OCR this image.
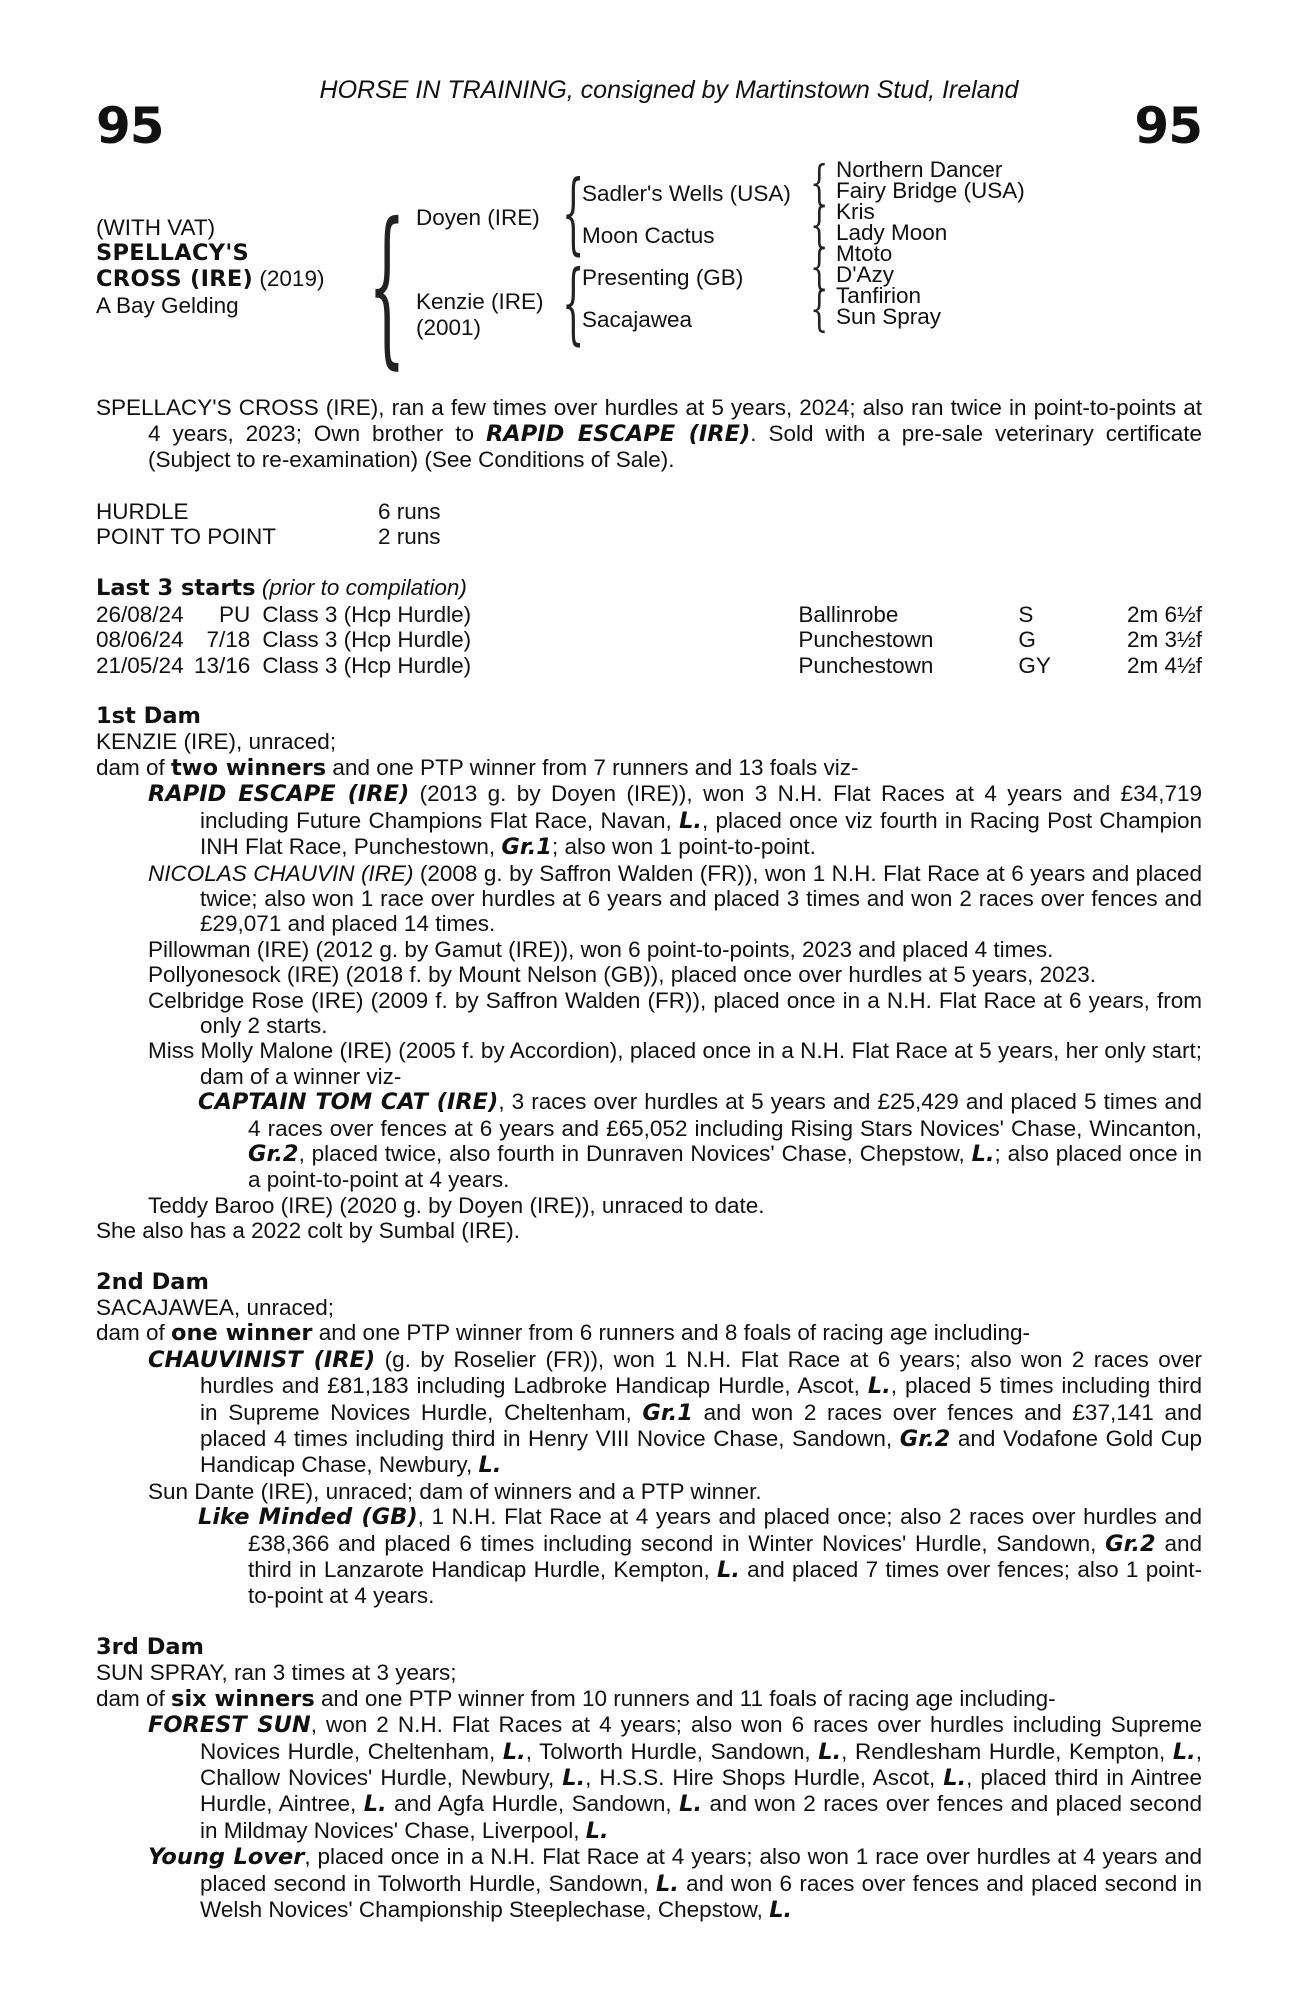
HORSE IN TRAINING, consigned by Martinstown Stud, Ireland
95	95
(WITH VAT)
SPELLACY'S
CROSS (IRE) (2019)
A Bay Gelding { Doyen (IRE)
Kenzie (IRE)
(2001)
{
{
Sadler's Wells (USA)
Moon Cactus
Presenting (GB)
Sacajawea
{
{
{
{
Northern Dancer
Fairy Bridge (USA)
Kris
Lady Moon
Mtoto
D'Azy
Tanfirion
Sun Spray

SPELLACY'S CROSS (IRE), ran a few times over hurdles at 5 years, 2024; also ran twice in point-to-points at 4 years, 2023; Own brother to RAPID ESCAPE (IRE). Sold with a pre-sale veterinary certificate (Subject to re-examination) (See Conditions of Sale).

HURDLE	6 runs
POINT TO POINT	2 runs
Last 3 starts (prior to compilation)
26/08/24	PU	Class 3 (Hcp Hurdle)	Ballinrobe	S	2m 6½f
08/06/24	7/18	Class 3 (Hcp Hurdle)	Punchestown	G	2m 3½f
21/05/24	13/16	Class 3 (Hcp Hurdle)	Punchestown	GY	2m 4½f
1st Dam

KENZIE (IRE), unraced;

dam of two winners and one PTP winner from 7 runners and 13 foals viz-

RAPID ESCAPE (IRE) (2013 g. by Doyen (IRE)), won 3 N.H. Flat Races at 4 years and £34,719 including Future Champions Flat Race, Navan, L., placed once viz fourth in Racing Post Champion INH Flat Race, Punchestown, Gr.1; also won 1 point-to-point.

NICOLAS CHAUVIN (IRE) (2008 g. by Saffron Walden (FR)), won 1 N.H. Flat Race at 6 years and placed twice; also won 1 race over hurdles at 6 years and placed 3 times and won 2 races over fences and £29,071 and placed 14 times.

Pillowman (IRE) (2012 g. by Gamut (IRE)), won 6 point-to-points, 2023 and placed 4 times.

Pollyonesock (IRE) (2018 f. by Mount Nelson (GB)), placed once over hurdles at 5 years, 2023.

Celbridge Rose (IRE) (2009 f. by Saffron Walden (FR)), placed once in a N.H. Flat Race at 6 years, from only 2 starts.

Miss Molly Malone (IRE) (2005 f. by Accordion), placed once in a N.H. Flat Race at 5 years, her only start; dam of a winner viz-

CAPTAIN TOM CAT (IRE), 3 races over hurdles at 5 years and £25,429 and placed 5 times and 4 races over fences at 6 years and £65,052 including Rising Stars Novices' Chase, Wincanton, Gr.2, placed twice, also fourth in Dunraven Novices' Chase, Chepstow, L.; also placed once in a point-to-point at 4 years.

Teddy Baroo (IRE) (2020 g. by Doyen (IRE)), unraced to date.

She also has a 2022 colt by Sumbal (IRE).

2nd Dam

SACAJAWEA, unraced;

dam of one winner and one PTP winner from 6 runners and 8 foals of racing age including-

CHAUVINIST (IRE) (g. by Roselier (FR)), won 1 N.H. Flat Race at 6 years; also won 2 races over hurdles and £81,183 including Ladbroke Handicap Hurdle, Ascot, L., placed 5 times including third in Supreme Novices Hurdle, Cheltenham, Gr.1 and won 2 races over fences and £37,141 and placed 4 times including third in Henry VIII Novice Chase, Sandown, Gr.2 and Vodafone Gold Cup Handicap Chase, Newbury, L.

Sun Dante (IRE), unraced; dam of winners and a PTP winner.

Like Minded (GB), 1 N.H. Flat Race at 4 years and placed once; also 2 races over hurdles and £38,366 and placed 6 times including second in Winter Novices' Hurdle, Sandown, Gr.2 and third in Lanzarote Handicap Hurdle, Kempton, L. and placed 7 times over fences; also 1 point-to-point at 4 years.

3rd Dam

SUN SPRAY, ran 3 times at 3 years;

dam of six winners and one PTP winner from 10 runners and 11 foals of racing age including-

FOREST SUN, won 2 N.H. Flat Races at 4 years; also won 6 races over hurdles including Supreme Novices Hurdle, Cheltenham, L., Tolworth Hurdle, Sandown, L., Rendlesham Hurdle, Kempton, L., Challow Novices' Hurdle, Newbury, L., H.S.S. Hire Shops Hurdle, Ascot, L., placed third in Aintree Hurdle, Aintree, L. and Agfa Hurdle, Sandown, L. and won 2 races over fences and placed second in Mildmay Novices' Chase, Liverpool, L.

Young Lover, placed once in a N.H. Flat Race at 4 years; also won 1 race over hurdles at 4 years and placed second in Tolworth Hurdle, Sandown, L. and won 6 races over fences and placed second in Welsh Novices' Championship Steeplechase, Chepstow, L.
